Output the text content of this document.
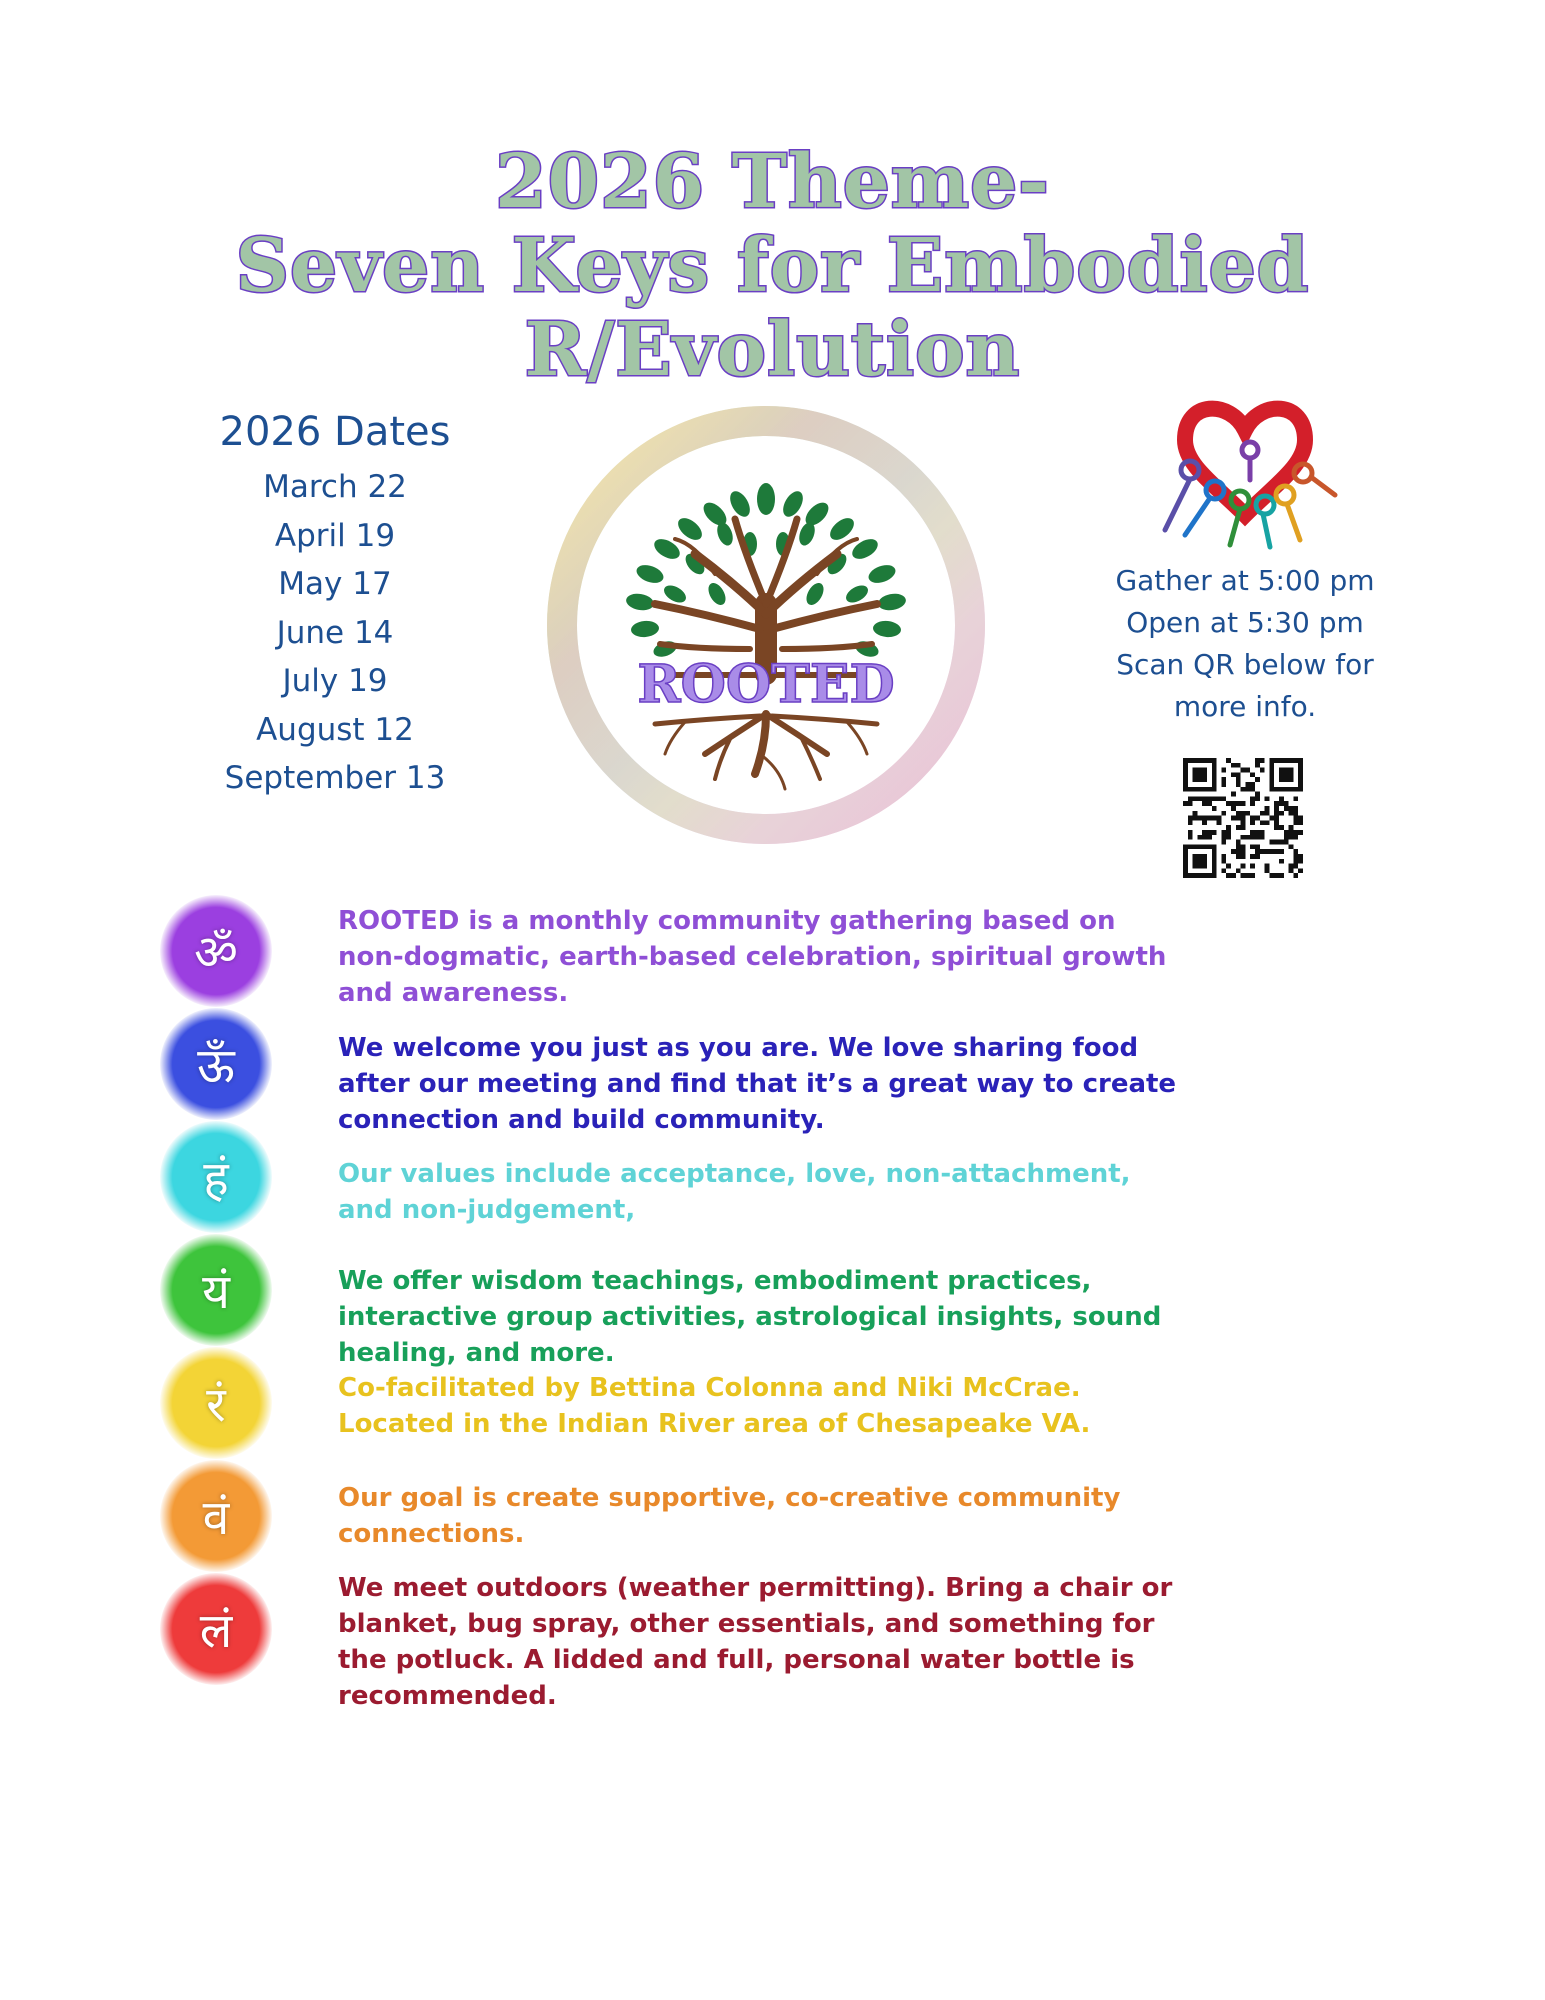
2026 Theme-
Seven Keys for Embodied
R/Evolution
2026 Dates
March 22
April 19
May 17
June 14
July 19
August 12
September 13
ROOTED
Gather at 5:00 pm
Open at 5:30 pm
Scan QR below for
more info.
ॐ
ऊँ
हं
यं
रं
वं
लं
ROOTED is a monthly community gathering based on non-dogmatic, earth-based celebration, spiritual growth and awareness.
We welcome you just as you are. We love sharing food after our meeting and find that it’s a great way to create connection and build community.
Our values include acceptance, love, non-attachment, and non-judgement,
We offer wisdom teachings, embodiment practices, interactive group activities, astrological insights, sound healing, and more.
Co-facilitated by Bettina Colonna and Niki McCrae.
Located in the Indian River area of Chesapeake VA.
Our goal is create supportive, co-creative community connections.
We meet outdoors (weather permitting). Bring a chair or blanket, bug spray, other essentials, and something for the potluck. A lidded and full, personal water bottle is recommended.
